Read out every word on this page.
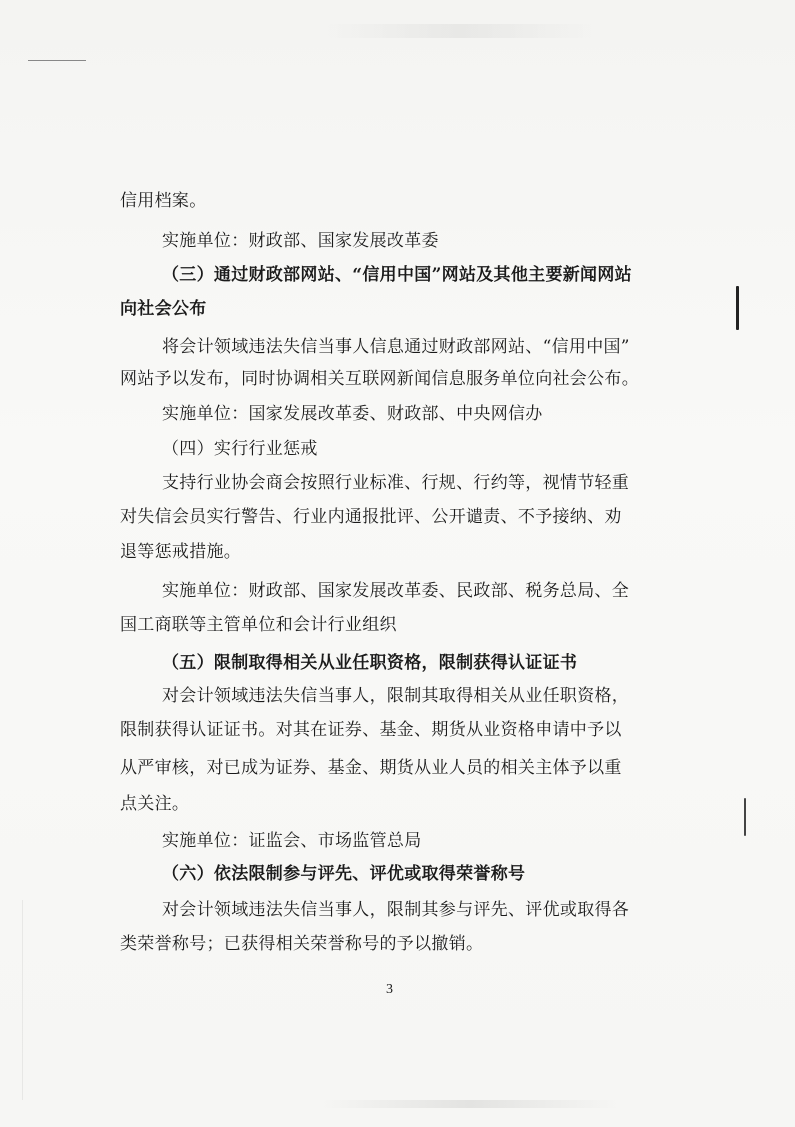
信用档案。
实施单位：财政部、国家发展改革委
（三）通过财政部网站、“信用中国”网站及其他主要新闻网站
向社会公布
将会计领域违法失信当事人信息通过财政部网站、“信用中国”
网站予以发布，同时协调相关互联网新闻信息服务单位向社会公布。
实施单位：国家发展改革委、财政部、中央网信办
（四）实行行业惩戒
支持行业协会商会按照行业标准、行规、行约等，视情节轻重
对失信会员实行警告、行业内通报批评、公开谴责、不予接纳、劝
退等惩戒措施。
实施单位：财政部、国家发展改革委、民政部、税务总局、全
国工商联等主管单位和会计行业组织
（五）限制取得相关从业任职资格，限制获得认证证书
对会计领域违法失信当事人，限制其取得相关从业任职资格，
限制获得认证证书。对其在证券、基金、期货从业资格申请中予以
从严审核，对已成为证券、基金、期货从业人员的相关主体予以重
点关注。
实施单位：证监会、市场监管总局
（六）依法限制参与评先、评优或取得荣誉称号
对会计领域违法失信当事人，限制其参与评先、评优或取得各
类荣誉称号；已获得相关荣誉称号的予以撤销。
3
